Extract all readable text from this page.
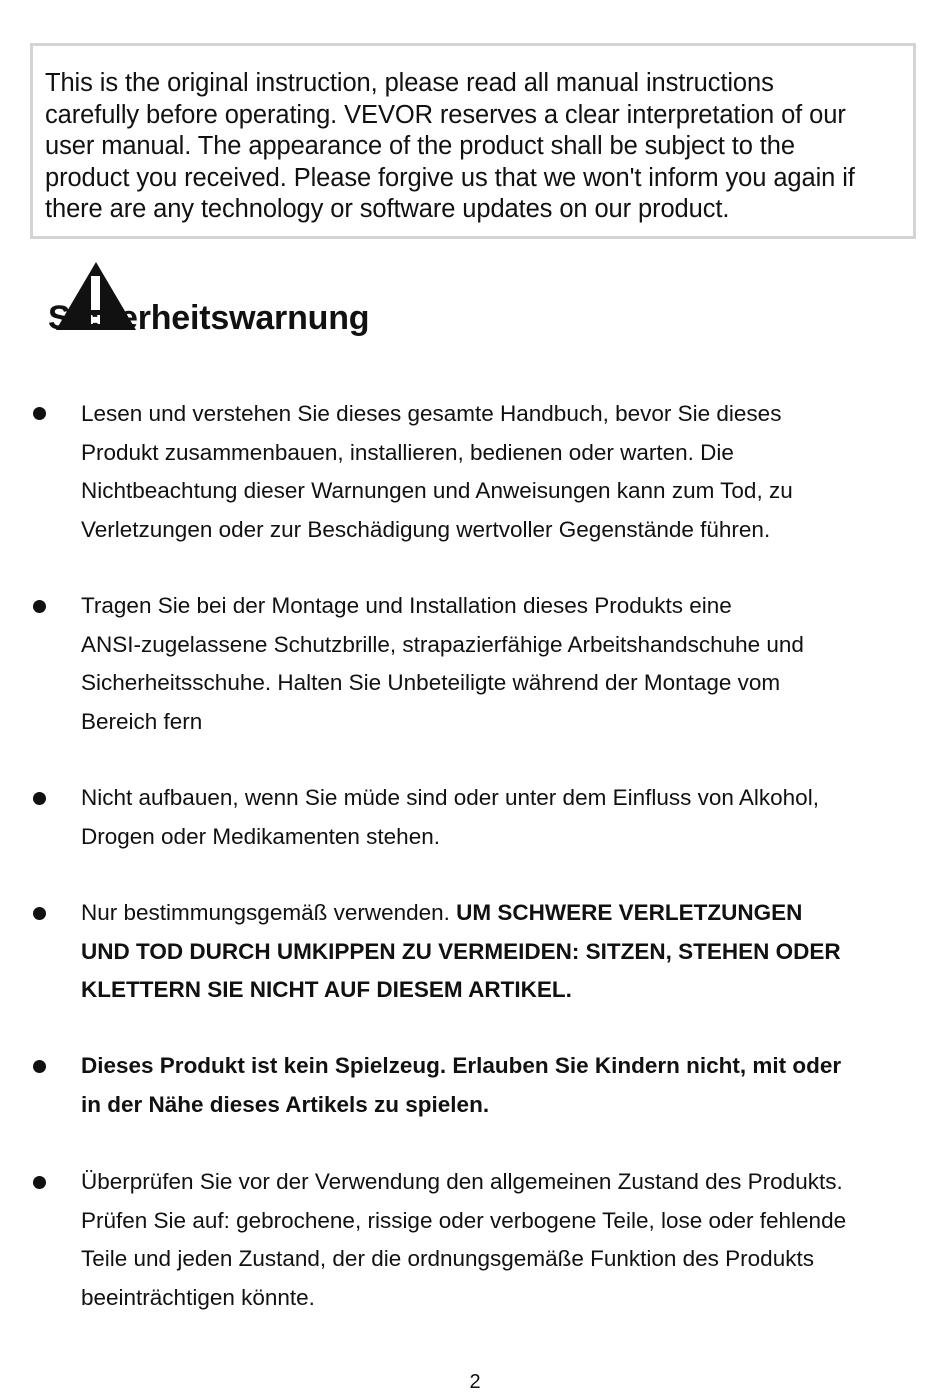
This is the original instruction, please read all manual instructions
carefully before operating. VEVOR reserves a clear interpretation of our
user manual. The appearance of the product shall be subject to the
product you received. Please forgive us that we won't inform you again if
there are any technology or software updates on our product.

Sicherheitswarnung

Lesen und verstehen Sie dieses gesamte Handbuch, bevor Sie dieses
Produkt zusammenbauen, installieren, bedienen oder warten. Die
Nichtbeachtung dieser Warnungen und Anweisungen kann zum Tod, zu
Verletzungen oder zur Beschädigung wertvoller Gegenstände führen.

Tragen Sie bei der Montage und Installation dieses Produkts eine
ANSI-zugelassene Schutzbrille, strapazierfähige Arbeitshandschuhe und
Sicherheitsschuhe. Halten Sie Unbeteiligte während der Montage vom
Bereich fern

Nicht aufbauen, wenn Sie müde sind oder unter dem Einfluss von Alkohol,
Drogen oder Medikamenten stehen.

Nur bestimmungsgemäß verwenden. UM SCHWERE VERLETZUNGEN
UND TOD DURCH UMKIPPEN ZU VERMEIDEN: SITZEN, STEHEN ODER
KLETTERN SIE NICHT AUF DIESEM ARTIKEL.

Dieses Produkt ist kein Spielzeug. Erlauben Sie Kindern nicht, mit oder
in der Nähe dieses Artikels zu spielen.

Überprüfen Sie vor der Verwendung den allgemeinen Zustand des Produkts.
Prüfen Sie auf: gebrochene, rissige oder verbogene Teile, lose oder fehlende
Teile und jeden Zustand, der die ordnungsgemäße Funktion des Produkts
beeinträchtigen könnte.

2
